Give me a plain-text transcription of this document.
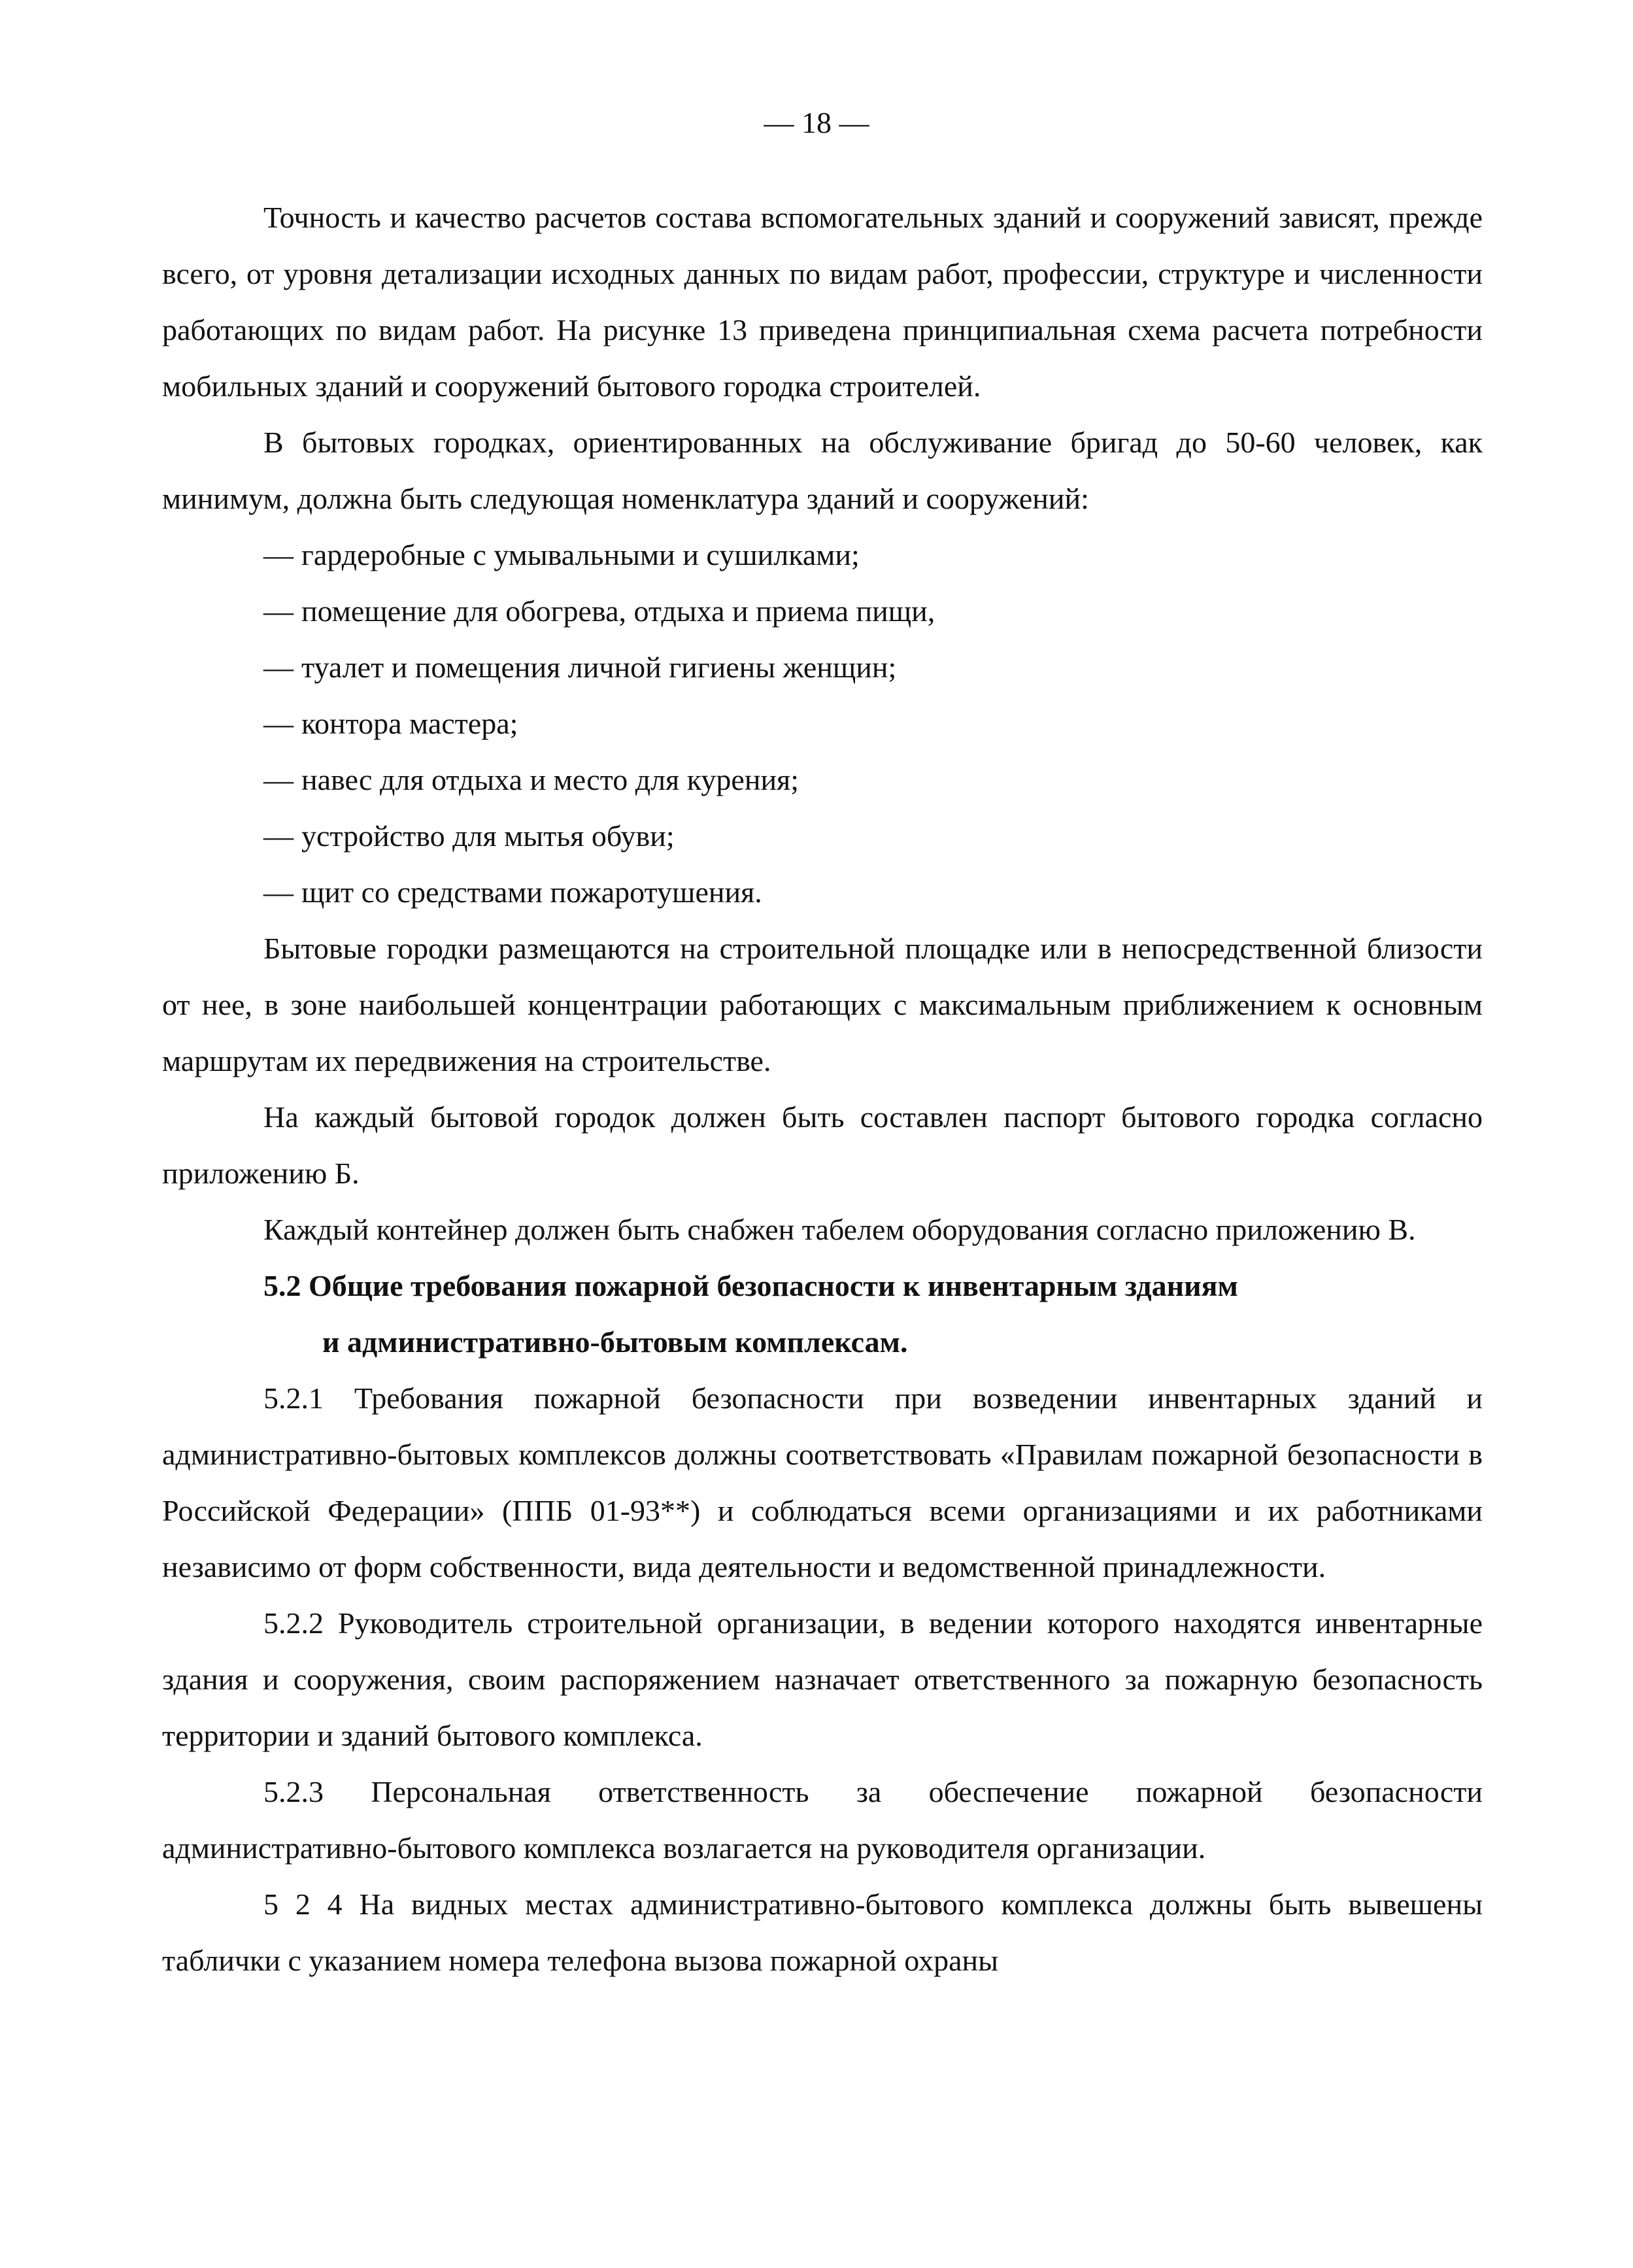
— 18 —

Точность и качество расчетов состава вспомогательных зданий и сооружений зависят, прежде всего, от уровня детализации исходных данных по видам работ, профессии, структуре и численности работающих по видам работ. На рисунке 13 приведена принципиальная схема расчета потребности мобильных зданий и сооружений бытового городка строителей.

В бытовых городках, ориентированных на обслуживание бригад до 50-60 человек, как минимум, должна быть следующая номенклатура зданий и сооружений:

— гардеробные с умывальными и сушилками;
— помещение для обогрева, отдыха и приема пищи,
— туалет и помещения личной гигиены женщин;
— контора мастера;
— навес для отдыха и место для курения;
— устройство для мытья обуви;
— щит со средствами пожаротушения.

Бытовые городки размещаются на строительной площадке или в непосредственной близости от нее, в зоне наибольшей концентрации работающих с максимальным приближением к основным маршрутам их передвижения на строительстве.

На каждый бытовой городок должен быть составлен паспорт бытового городка согласно приложению Б.

Каждый контейнер должен быть снабжен табелем оборудования согласно приложению В.

5.2 Общие требования пожарной безопасности к инвентарным зданиям
и административно-бытовым комплексам.

5.2.1 Требования пожарной безопасности при возведении инвентарных зданий и административно-бытовых комплексов должны соответствовать «Правилам пожарной безопасности в Российской Федерации» (ППБ 01-93**) и соблюдаться всеми организациями и их работниками независимо от форм собственности, вида деятельности и ведомственной принадлежности.

5.2.2 Руководитель строительной организации, в ведении которого находятся инвентарные здания и сооружения, своим распоряжением назначает ответственного за пожарную безопасность территории и зданий бытового комплекса.

5.2.3 Персональная ответственность за обеспечение пожарной безопасности административно-бытового комплекса возлагается на руководителя организации.

5 2 4 На видных местах административно-бытового комплекса должны быть вывешены таблички с указанием номера телефона вызова пожарной охраны
